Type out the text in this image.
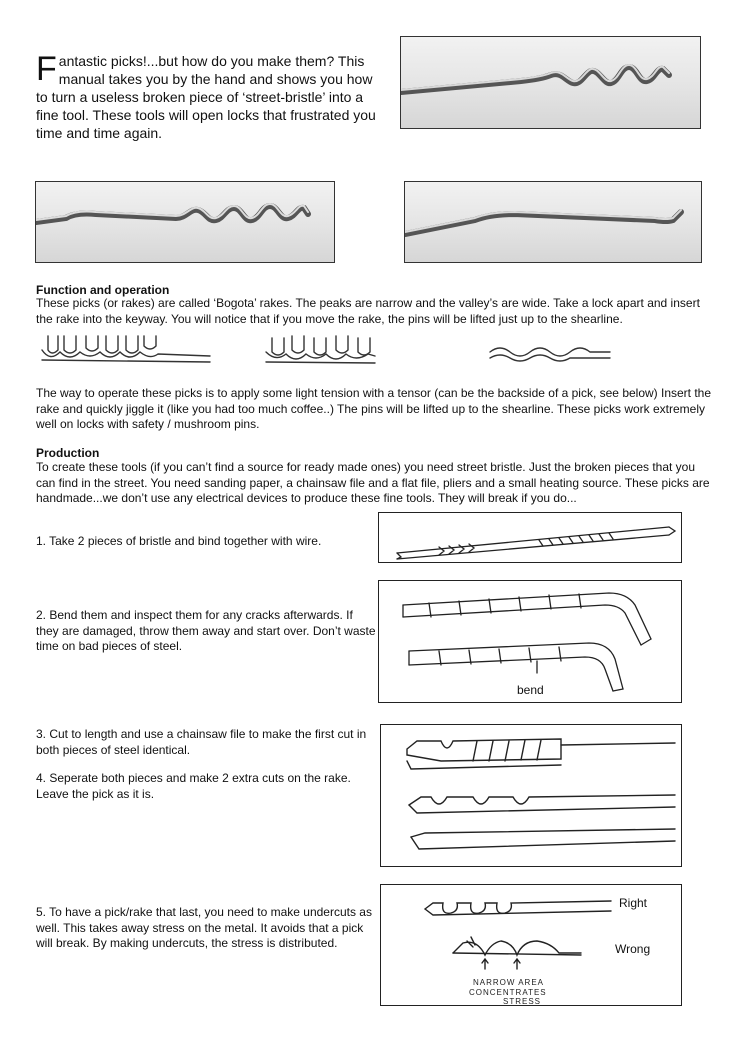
Fantastic picks!...but how do you make them? This manual takes you by the hand and shows you how to turn a useless broken piece of ‘street-bristle’ into a fine tool. These tools will open locks that frustrated you time and time again.
Function and operation
These picks (or rakes) are called ‘Bogota’ rakes. The peaks are narrow and the valley’s are wide. Take a lock apart and insert the rake into the keyway. You will notice that if you move the rake, the pins will be lifted just up to the shearline.
The way to operate these picks is to apply some light tension with a tensor (can be the backside of a pick, see below) Insert the rake and quickly jiggle it (like you had too much coffee..) The pins will be lifted up to the shearline. These picks work extremely well on locks with safety / mushroom pins.
Production
To create these tools (if you can’t find a source for ready made ones) you need street bristle. Just the broken pieces that you can find in the street. You need sanding paper, a chainsaw file and a flat file, pliers and a small heating source. These picks are handmade...we don’t use any electrical devices to produce these fine tools. They will break if you do...
1. Take 2 pieces of bristle and bind together with wire.
2. Bend them and inspect them for any cracks afterwards. If they are damaged, throw them away and start over. Don’t waste time on bad pieces of steel.
bend
3. Cut to length and use a chainsaw file to make the first cut in both pieces of steel identical.
4. Seperate both pieces and make 2 extra cuts on the rake. Leave the pick as it is.
5. To have a pick/rake that last, you need to make undercuts as well. This takes away stress on the metal. It avoids that a pick will break. By making undercuts, the stress is distributed.
Right
Wrong
NARROW AREA
CONCENTRATES
STRESS
